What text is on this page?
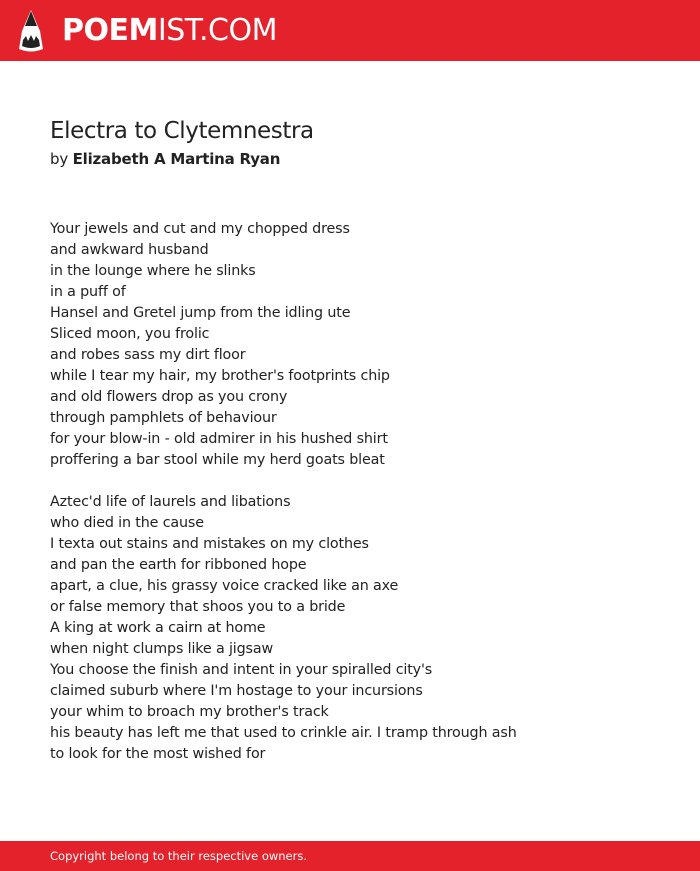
POEMIST.COM
Electra to Clytemnestra
by Elizabeth A Martina Ryan
Your jewels and cut and my chopped dress
and awkward husband
in the lounge where he slinks
in a puff of
Hansel and Gretel jump from the idling ute
Sliced moon, you frolic
and robes sass my dirt floor
while I tear my hair, my brother's footprints chip
and old flowers drop as you crony
through pamphlets of behaviour
for your blow-in - old admirer in his hushed shirt
proffering a bar stool while my herd goats bleat
Aztec'd life of laurels and libations
who died in the cause
I texta out stains and mistakes on my clothes
and pan the earth for ribboned hope
apart, a clue, his grassy voice cracked like an axe
or false memory that shoos you to a bride
A king at work a cairn at home
when night clumps like a jigsaw
You choose the finish and intent in your spiralled city's
claimed suburb where I'm hostage to your incursions
your whim to broach my brother's track
his beauty has left me that used to crinkle air. I tramp through ash
to look for the most wished for
Copyright belong to their respective owners.
